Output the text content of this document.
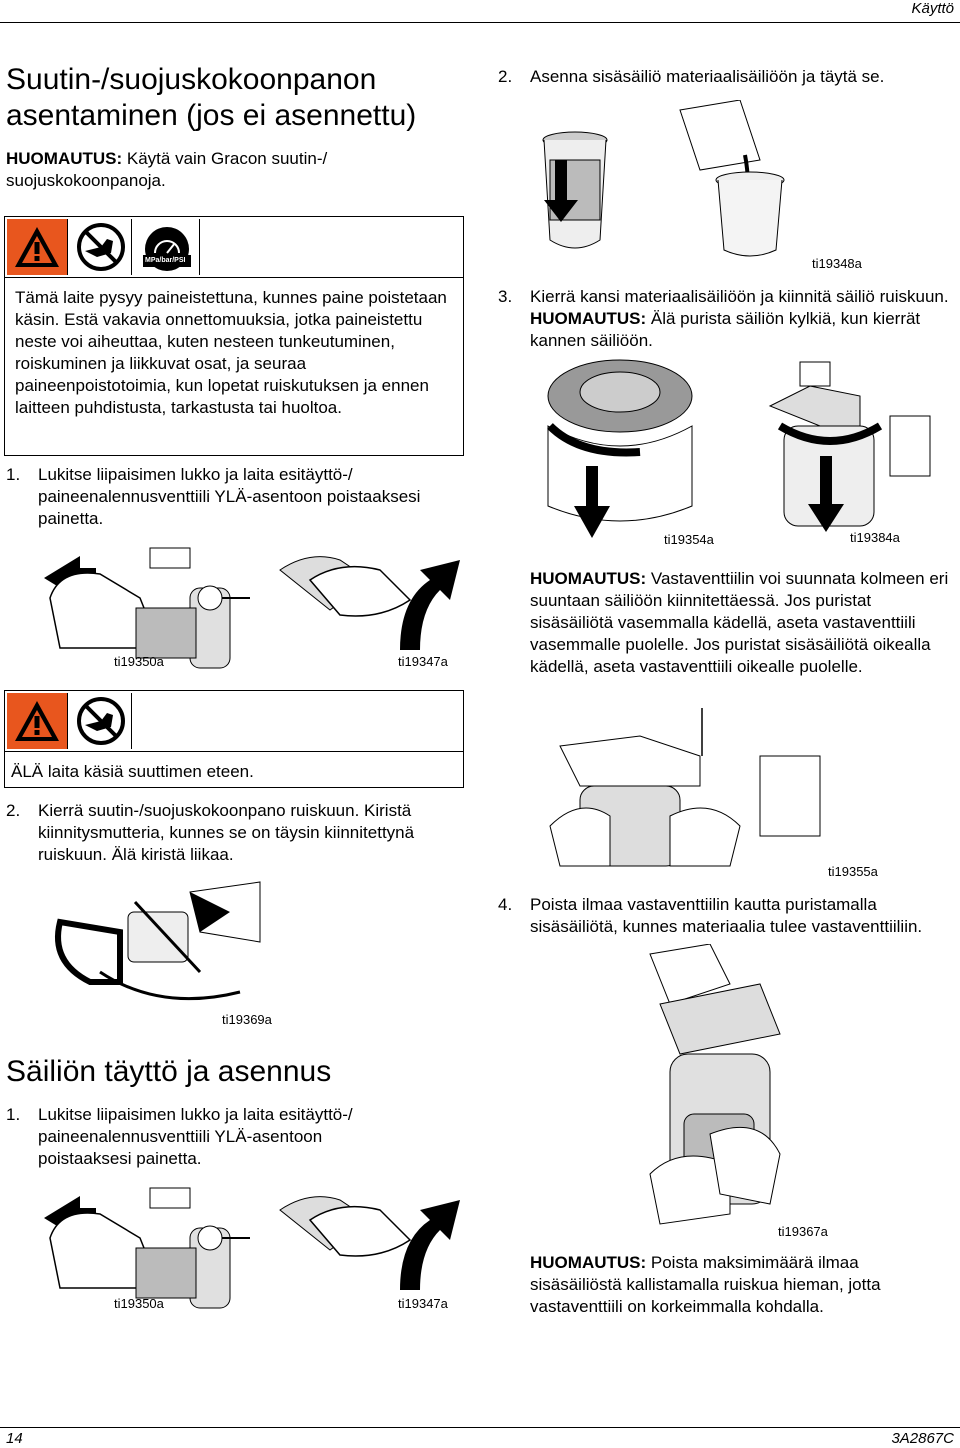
Käyttö
Suutin-/suojuskokoonpanon asentaminen (jos ei asennettu)
HUOMAUTUS: Käytä vain Gracon suutin-/ suojuskokoonpanoja.
MPa/bar/PSI
Tämä laite pysyy paineistettuna, kunnes paine poistetaan käsin. Estä vakavia onnettomuuksia, jotka paineistettu neste voi aiheuttaa, kuten nesteen tunkeutuminen, roiskuminen ja liikkuvat osat, ja seuraa paineenpoistotoimia, kun lopetat ruiskutuksen ja ennen laitteen puhdistusta, tarkastusta tai huoltoa.
1. Lukitse liipaisimen lukko ja laita esitäyttö-/ paineenalennusventtiili YLÄ-asentoon poistaaksesi painetta.
ti19350a	ti19347a
ÄLÄ laita käsiä suuttimen eteen.
2. Kierrä suutin-/suojuskokoonpano ruiskuun. Kiristä kiinnitysmutteria, kunnes se on täysin kiinnitettynä ruiskuun. Älä kiristä liikaa.
ti19369a
Säiliön täyttö ja asennus
1. Lukitse liipaisimen lukko ja laita esitäyttö-/ paineenalennusventtiili YLÄ-asentoon poistaaksesi painetta.
ti19350a	ti19347a
2. Asenna sisäsäiliö materiaalisäiliöön ja täytä se.
ti19348a
3. Kierrä kansi materiaalisäiliöön ja kiinnitä säiliö ruiskuun. HUOMAUTUS: Älä purista säiliön kylkiä, kun kierrät kannen säiliöön.
ti19354a	ti19384a
HUOMAUTUS: Vastaventtiilin voi suunnata kolmeen eri suuntaan säiliöön kiinnitettäessä. Jos puristat sisäsäiliötä vasemmalla kädellä, aseta vastaventtiili vasemmalle puolelle. Jos puristat sisäsäiliötä oikealla kädellä, aseta vastaventtiili oikealle puolelle.
ti19355a
4. Poista ilmaa vastaventtiilin kautta puristamalla sisäsäiliötä, kunnes materiaalia tulee vastaventtiiliin.
ti19367a
HUOMAUTUS: Poista maksimimäärä ilmaa sisäsäiliöstä kallistamalla ruiskua hieman, jotta vastaventtiili on korkeimmalla kohdalla.
14	3A2867C
